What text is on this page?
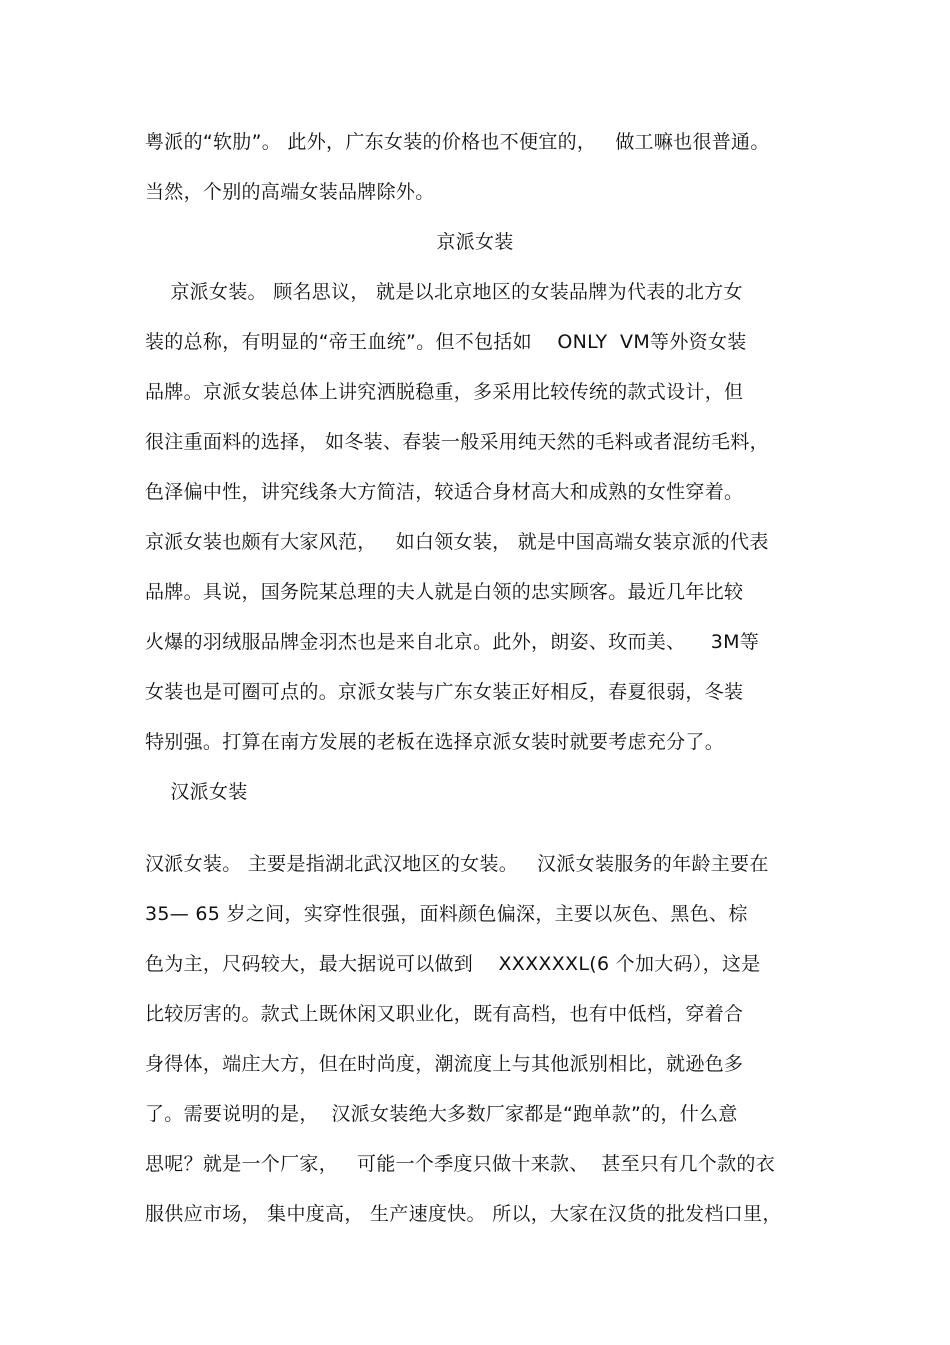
粤派的“软肋”。 此外，广东女装的价格也不便宜的，   做工嘛也很普通。
当然，个别的高端女装品牌除外。
京派女装
京派女装。 顾名思议， 就是以北京地区的女装品牌为代表的北方女
装的总称，有明显的“帝王血统”。但不包括如    ONLY  VM等外资女装
品牌。京派女装总体上讲究洒脱稳重，多采用比较传统的款式设计，但
很注重面料的选择， 如冬装、春装一般采用纯天然的毛料或者混纺毛料，
色泽偏中性，讲究线条大方简洁，较适合身材高大和成熟的女性穿着。
京派女装也颇有大家风范，   如白领女装， 就是中国高端女装京派的代表
品牌。具说，国务院某总理的夫人就是白领的忠实顾客。最近几年比较
火爆的羽绒服品牌金羽杰也是来自北京。此外，朗姿、玫而美、    3M等
女装也是可圈可点的。京派女装与广东女装正好相反，春夏很弱，冬装
特别强。打算在南方发展的老板在选择京派女装时就要考虑充分了。
汉派女装
汉派女装。 主要是指湖北武汉地区的女装。   汉派女装服务的年龄主要在
35— 65 岁之间，实穿性很强，面料颜色偏深，主要以灰色、黑色、棕
色为主，尺码较大，最大据说可以做到    XXXXXXL(6 个加大码），这是
比较厉害的。款式上既休闲又职业化，既有高档，也有中低档，穿着合
身得体，端庄大方，但在时尚度，潮流度上与其他派别相比，就逊色多
了。需要说明的是，  汉派女装绝大多数厂家都是“跑单款”的，什么意
思呢？就是一个厂家，   可能一个季度只做十来款、  甚至只有几个款的衣
服供应市场， 集中度高， 生产速度快。 所以，大家在汉货的批发档口里，
